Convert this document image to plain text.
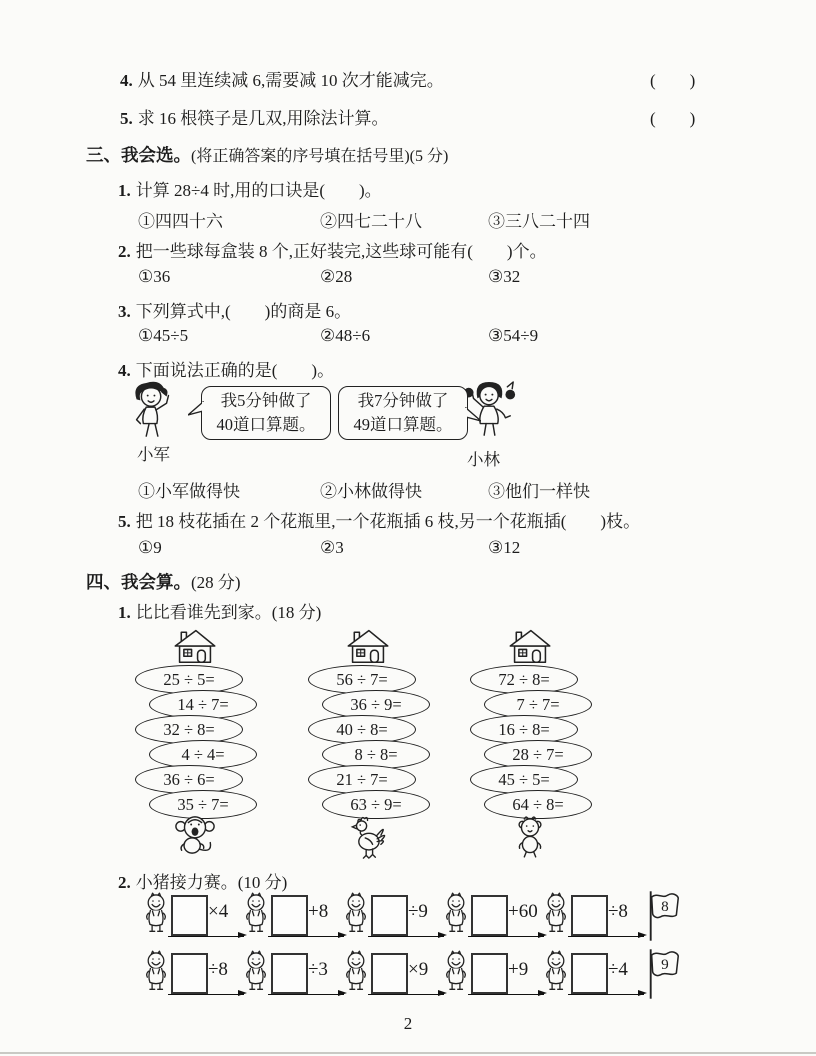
4. 从 54 里连续减 6,需要减 10 次才能减完。	(　　)
5. 求 16 根筷子是几双,用除法计算。	(　　)
三、我会选。(将正确答案的序号填在括号里)(5 分)
1. 计算 28÷4 时,用的口诀是(　　)。
①四四十六	②四七二十八	③三八二十四
2. 把一些球每盒装 8 个,正好装完,这些球可能有(　　)个。
①36	②28	③32
3. 下列算式中,(　　)的商是 6。
①45÷5	②48÷6	③54÷9
4. 下面说法正确的是(　　)。
小军
我5分钟做了
40道口算题。
我7分钟做了
49道口算题。
小林
①小军做得快	②小林做得快	③他们一样快
5. 把 18 枝花插在 2 个花瓶里,一个花瓶插 6 枝,另一个花瓶插(　　)枝。
①9	②3	③12
四、我会算。(28 分)
1. 比比看谁先到家。(18 分)
25 ÷ 5=
14 ÷ 7=
32 ÷ 8=
4 ÷ 4=
36 ÷ 6=
35 ÷ 7=
56 ÷ 7=
36 ÷ 9=
40 ÷ 8=
8 ÷ 8=
21 ÷ 7=
63 ÷ 9=
72 ÷ 8=
7 ÷ 7=
16 ÷ 8=
28 ÷ 7=
45 ÷ 5=
64 ÷ 8=
2. 小猪接力赛。(10 分)
×4	+8	÷9	+60	÷8 8
÷8	÷3	×9	+9	÷4 9
2
